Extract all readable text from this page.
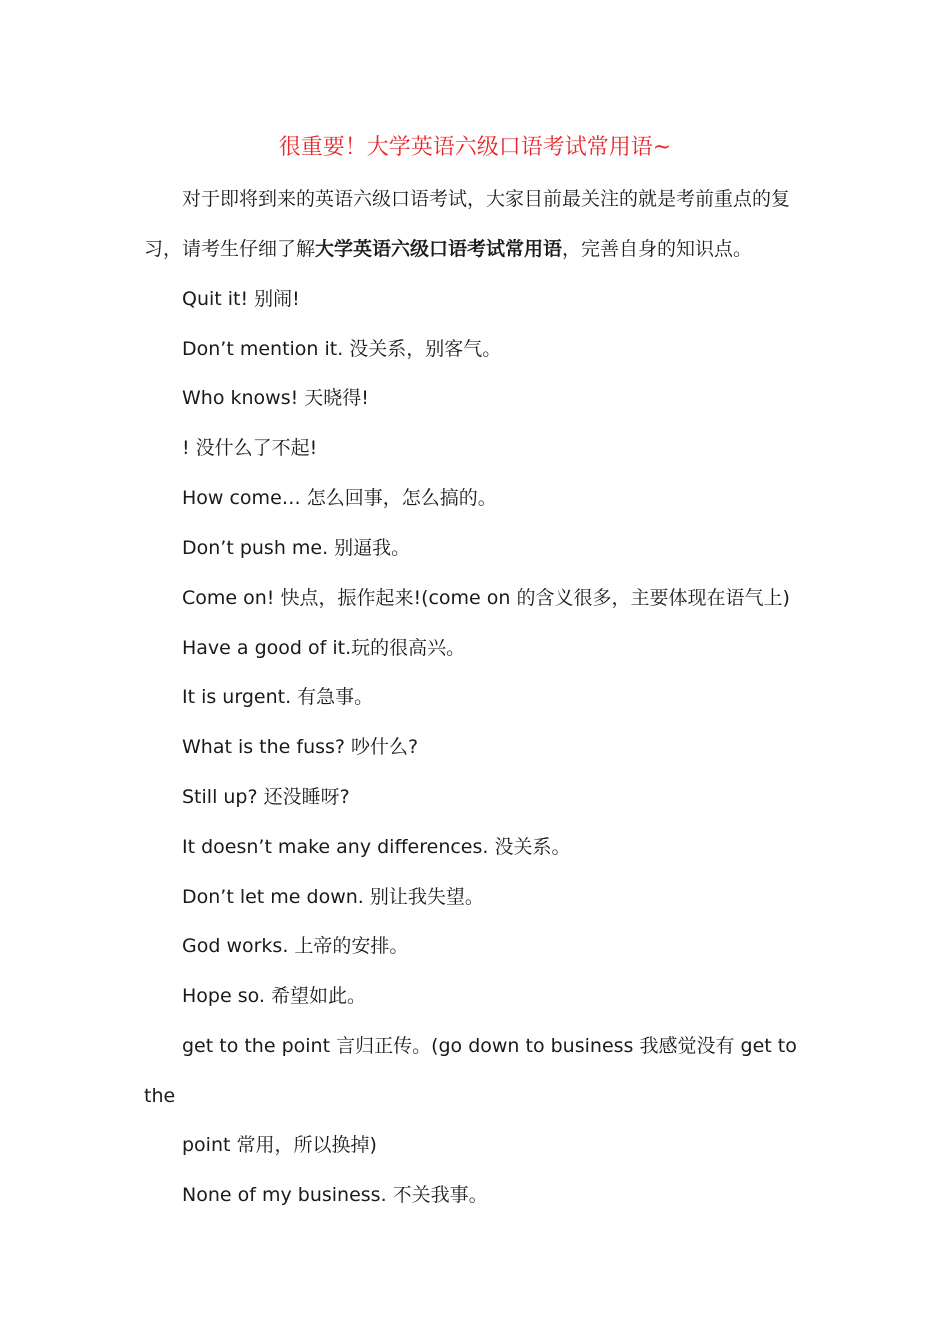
很重要！大学英语六级口语考试常用语~
对于即将到来的英语六级口语考试，大家目前最关注的就是考前重点的复
习，请考生仔细了解大学英语六级口语考试常用语，完善自身的知识点。
Quit it! 别闹!
Don’t mention it. 没关系，别客气。
Who knows! 天晓得!
! 没什么了不起!
How come… 怎么回事，怎么搞的。
Don’t push me. 别逼我。
Come on! 快点，振作起来!(come on 的含义很多，主要体现在语气上)
Have a good of it.玩的很高兴。
It is urgent. 有急事。
What is the fuss? 吵什么?
Still up? 还没睡呀?
It doesn’t make any differences. 没关系。
Don’t let me down. 别让我失望。
God works. 上帝的安排。
Hope so. 希望如此。
get to the point 言归正传。(go down to business 我感觉没有 get to
the
point 常用，所以换掉)
None of my business. 不关我事。
